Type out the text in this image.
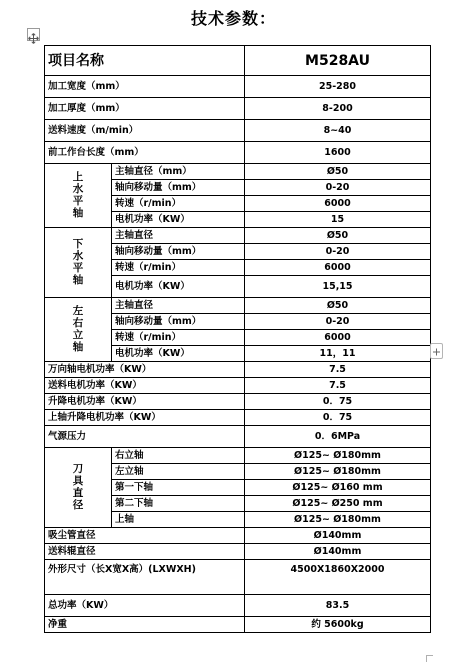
技术参数：
项目名称		M528AU
加工宽度（mm）		25-280
加工厚度（mm）		8-200
送料速度（m/min）		8~40
前工作台长度（mm）		1600
上水平轴	主轴直径（mm）	Ø50
	轴向移动量（mm）	0-20
	转速（r/min）	6000
	电机功率（KW）	15
下水平轴	主轴直径	Ø50
	轴向移动量（mm）	0-20
	转速（r/min）	6000
	电机功率（KW）	15,15
左右立轴	主轴直径	Ø50
	轴向移动量（mm）	0-20
	转速（r/min）	6000
	电机功率（KW）	11，11
万向轴电机功率（KW）		7.5
送料电机功率（KW）		7.5
升降电机功率（KW）		0．75
上轴升降电机功率（KW）		0．75
气源压力		0．6MPa
刀具直径	右立轴	Ø125~ Ø180mm
	左立轴	Ø125~ Ø180mm
	第一下轴	Ø125~ Ø160 mm
	第二下轴	Ø125~ Ø250 mm
	上轴	Ø125~ Ø180mm
吸尘管直径		Ø140mm
送料辊直径		Ø140mm
外形尺寸（长X宽X高）(LXWXH)		4500X1860X2000
总功率（KW）		83.5
净重		约 5600kg
